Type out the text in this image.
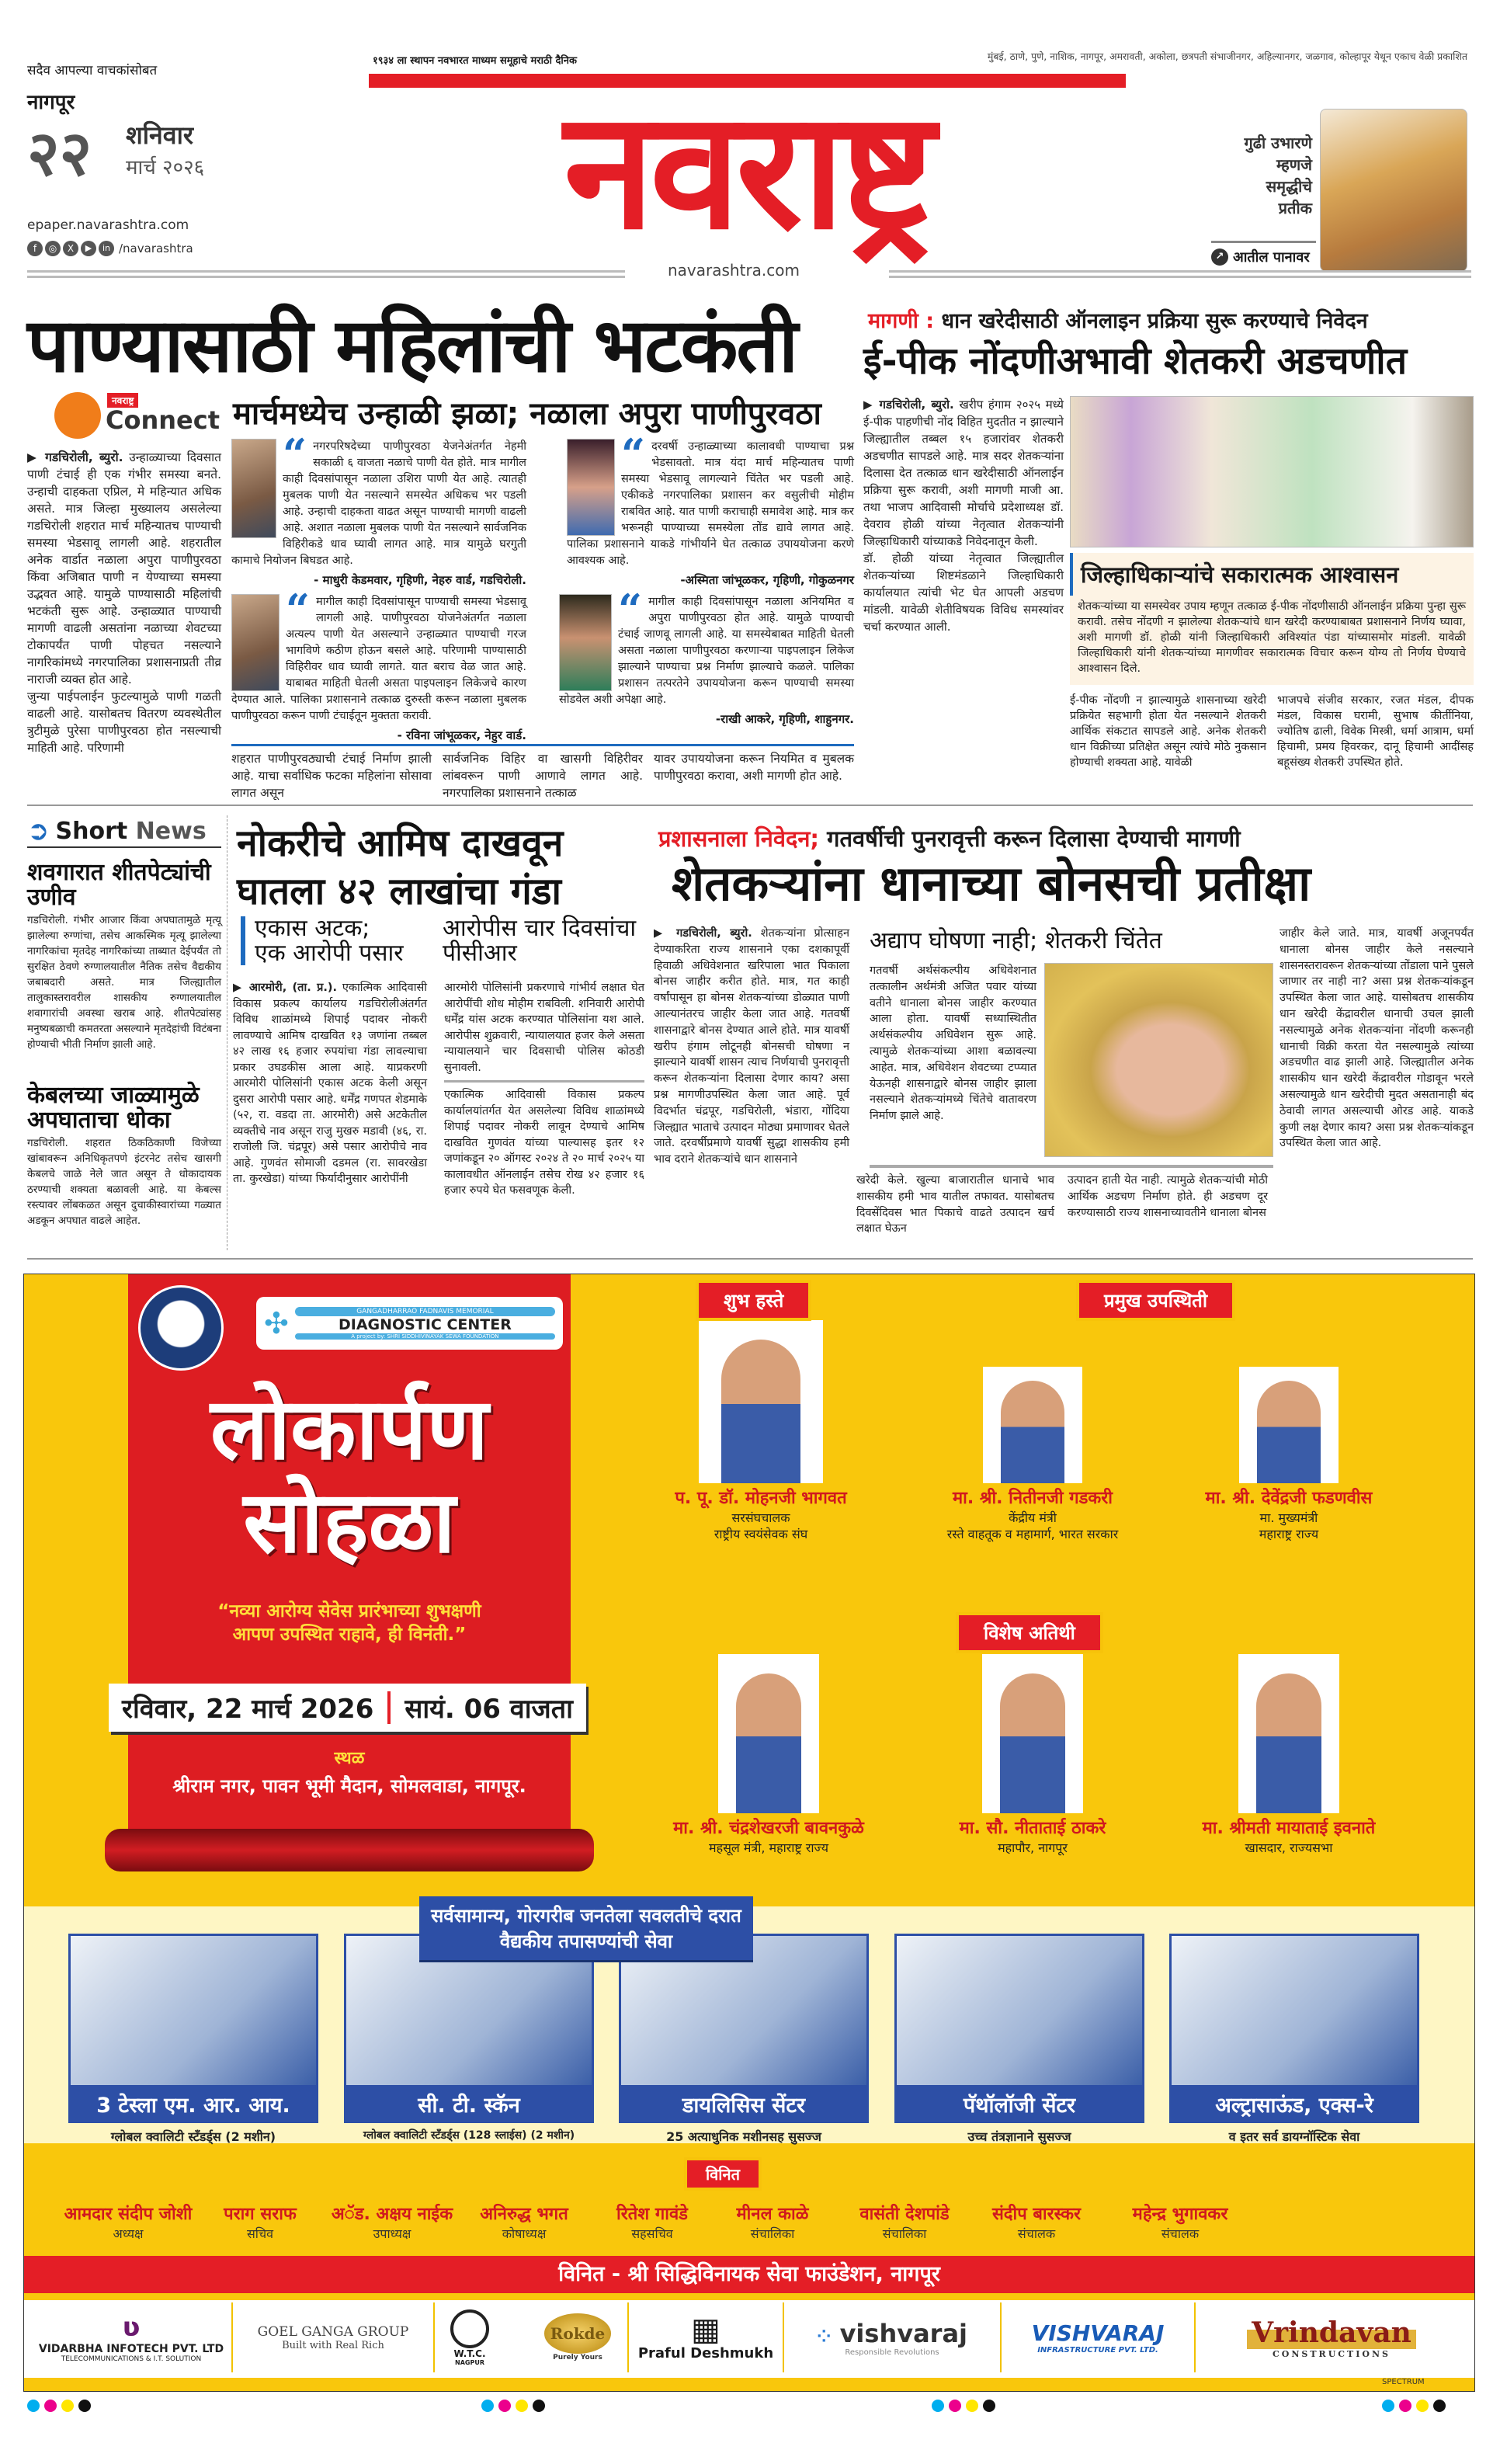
सदैव आपल्या वाचकांसोबत
नागपूर
२२ शनिवार
मार्च २०२६
epaper.navarashtra.com
f	◎	X	▶	in /navarashtra
१९३४ ला स्थापन नवभारत माध्यम समूहाचे मराठी दैनिक	मुंबई, ठाणे, पुणे, नाशिक, नागपूर, अमरावती, अकोला, छत्रपती संभाजीनगर, अहिल्यानगर, जळगाव, कोल्हापूर येथून एकाच वेळी प्रकाशित
नवराष्ट्र
navarashtra.com
गुढी उभारणे
म्हणजे
समृद्धीचे
प्रतीक
↗ आतील पानावर
पाण्यासाठी महिलांची भटकंती
नवराष्ट्र
Connect मार्चमध्येच उन्हाळी झळा; नळाला अपुरा पाणीपुरवठा
▶ गडचिरोली, ब्युरो. उन्हाळ्याच्या दिवसात पाणी टंचाई ही एक गंभीर समस्या बनते. उन्हाची दाहकता एप्रिल, मे महिन्यात अधिक असते. मात्र जिल्हा मुख्यालय असलेल्या गडचिरोली शहरात मार्च महिन्यातच पाण्याची समस्या भेडसावू लागली आहे. शहरातील अनेक वार्डात नळाला अपुरा पाणीपुरवठा किंवा अजिबात पाणी न येण्याच्या समस्या उद्भवत आहे. यामुळे पाण्यासाठी महिलांची भटकंती सुरू आहे. उन्हाळ्यात पाण्याची मागणी वाढली असतांना नळाच्या शेवटच्या टोकापर्यंत पाणी पोहचत नसल्याने नागरिकांमध्ये नगरपालिका प्रशासनाप्रती तीव्र नाराजी व्यक्त होत आहे.
जुन्या पाईपलाईन फुटल्यामुळे पाणी गळती वाढली आहे. यासोबतच वितरण व्यवस्थेतील त्रुटीमुळे पुरेसा पाणीपुरवठा होत नसल्याची माहिती आहे. परिणामी
“ नगरपरिषदेच्या पाणीपुरवठा येजनेअंतर्गत नेहमी सकाळी ६ वाजता नळाचे पाणी येत होते. मात्र मागील काही दिवसांपासून नळाला उशिरा पाणी येत आहे. त्यातही मुबलक पाणी येत नसल्याने समस्येत अधिकच भर पडली आहे. उन्हाची दाहकता वाढत असून पाण्याची मागणी वाढली आहे. अशात नळाला मुबलक पाणी येत नसल्याने सार्वजनिक विहिरीकडे धाव घ्यावी लागत आहे. मात्र यामुळे घरगुती कामाचे नियोजन बिघडत आहे.
- माधुरी केडमवार, गृहिणी, नेहरु वार्ड, गडचिरोली.
“ दरवर्षी उन्हाळ्याच्या कालावधी पाण्याचा प्रश्न भेडसावतो. मात्र यंदा मार्च महिन्यातच पाणी समस्या भेडसावू लागल्याने चिंतेत भर पडली आहे. एकीकडे नगरपालिका प्रशासन कर वसुलीची मोहीम राबवित आहे. यात पाणी कराचाही समावेश आहे. मात्र कर भरूनही पाण्याच्या समस्येला तोंड द्यावे लागत आहे. पालिका प्रशासनाने याकडे गांभीर्याने घेत तत्काळ उपाययोजना करणे आवश्यक आहे.
-अस्मिता जांभूळकर, गृहिणी, गोकुळनगर
“ मागील काही दिवसांपासून पाण्याची समस्या भेडसावू लागली आहे. पाणीपुरवठा योजनेअंतर्गत नळाला अत्यल्प पाणी येत असल्याने उन्हाळ्यात पाण्याची गरज भागविणे कठीण होऊन बसले आहे. परिणामी पाण्यासाठी विहिरीवर धाव घ्यावी लागते. यात बराच वेळ जात आहे. याबाबत माहिती घेतली असता पाइपलाइन लिकेजचे कारण देण्यात आले. पालिका प्रशासनाने तत्काळ दुरुस्ती करून नळाला मुबलक पाणीपुरवठा करून पाणी टंचाईतून मुक्तता करावी.
- रविना जांभूळकर, नेहुर वार्ड.
“ मागील काही दिवसांपासून नळाला अनियमित व अपुरा पाणीपुरवठा होत आहे. यामुळे पाण्याची टंचाई जाणवू लागली आहे. या समस्येबाबत माहिती घेतली असता नळाला पाणीपुरवठा करणाऱ्या पाइपलाइन लिकेज झाल्याने पाण्याचा प्रश्न निर्माण झाल्याचे कळले. पालिका प्रशासन तत्परतेने उपाययोजना करून पाण्याची समस्या सोडवेल अशी अपेक्षा आहे.
-राखी आकरे, गृहिणी, शाहुनगर.
शहरात पाणीपुरवठ्याची टंचाई निर्माण झाली आहे. याचा सर्वाधिक फटका महिलांना सोसावा लागत असून
सार्वजनिक विहिर वा खासगी विहिरीवर लांबवरून पाणी आणावे लागत आहे. नगरपालिका प्रशासनाने तत्काळ
यावर उपाययोजना करून नियमित व मुबलक पाणीपुरवठा करावा, अशी मागणी होत आहे.
मागणी : धान खरेदीसाठी ऑनलाइन प्रक्रिया सुरू करण्याचे निवेदन
ई-पीक नोंदणीअभावी शेतकरी अडचणीत
▶ गडचिरोली, ब्युरो. खरीप हंगाम २०२५ मध्ये ई-पीक पाहणीची नोंद विहित मुदतीत न झाल्याने जिल्ह्यातील तब्बल १५ हजारांवर शेतकरी अडचणीत सापडले आहे. मात्र सदर शेतकऱ्यांना दिलासा देत तत्काळ धान खरेदीसाठी ऑनलाईन प्रक्रिया सुरू करावी, अशी मागणी माजी आ. तथा भाजप आदिवासी मोर्चाचे प्रदेशाध्यक्ष डॉ. देवराव होळी यांच्या नेतृत्वात शेतकऱ्यांनी जिल्हाधिकारी यांच्याकडे निवेदनातून केली.
डॉ. होळी यांच्या नेतृत्वात जिल्ह्यातील शेतकऱ्यांच्या शिष्टमंडळाने जिल्हाधिकारी कार्यालयात त्यांची भेट घेत आपली अडचण मांडली. यावेळी शेतीविषयक विविध समस्यांवर चर्चा करण्यात आली.
जिल्हाधिकाऱ्यांचे सकारात्मक आश्वासन
शेतकऱ्यांच्या या समस्येवर उपाय म्हणून तत्काळ ई-पीक नोंदणीसाठी ऑनलाईन प्रक्रिया पुन्हा सुरू करावी. तसेच नोंदणी न झालेल्या शेतकऱ्यांचे धान खरेदी करण्याबाबत प्रशासनाने निर्णय घ्यावा, अशी मागणी डॉ. होळी यांनी जिल्हाधिकारी अविश्यांत पंडा यांच्यासमोर मांडली. यावेळी जिल्हाधिकारी यांनी शेतकऱ्यांच्या मागणीवर सकारात्मक विचार करून योग्य तो निर्णय घेण्याचे आश्वासन दिले.
ई-पीक नोंदणी न झाल्यामुळे शासनाच्या खरेदी प्रक्रियेत सहभागी होता येत नसल्याने शेतकरी आर्थिक संकटात सापडले आहे. अनेक शेतकरी धान विक्रीच्या प्रतिक्षेत असून त्यांचे मोठे नुकसान होण्याची शक्यता आहे. यावेळी
भाजपचे संजीव सरकार, रजत मंडल, दीपक मंडल, विकास घरामी, सुभाष कीर्तीनिया, ज्योतिष ढाली, विवेक मिस्त्री, धर्मा आत्राम, धर्मा हिचामी, प्रमय हिवरकर, दानू हिचामी आदींसह बहूसंख्य शेतकरी उपस्थित होते.
➲ Short News
शवगारात शीतपेट्यांची उणीव
गडचिरोली. गंभीर आजार किंवा अपघातामुळे मृत्यू झालेल्या रुग्णांचा, तसेच आकस्मिक मृत्यू झालेल्या नागरिकांचा मृतदेह नागरिकांच्या ताब्यात देईपर्यंत तो सुरक्षित ठेवणे रुग्णालयातील नैतिक तसेच वैद्यकीय जबाबदारी असते. मात्र जिल्ह्यातील तालुकास्तरावरील शासकीय रुग्णालयातील शवागारांची अवस्था खराब आहे. शीतपेट्यांसह मनुष्यबळाची कमतरता असल्याने मृतदेहांची विटंबना होण्याची भीती निर्माण झाली आहे.
केबलच्या जाळ्यामुळे अपघाताचा धोका
गडचिरोली. शहरात ठिकठिकाणी विजेच्या खांबावरून अनिधिकृतपणे इंटरनेट तसेच खासगी केबलचे जाळे नेले जात असून ते धोकादायक ठरण्याची शक्यता बळावली आहे. या केबल्स रस्त्यावर लोंबकळत असून दुचाकीस्वारांच्या गळ्यात अडकून अपघात वाढले आहेत.
नोकरीचे आमिष दाखवून घातला ४२ लाखांचा गंडा
एकास अटक; एक आरोपी पसार
आरोपीस चार दिवसांचा पीसीआर
▶ आरमोरी, (ता. प्र.). एकात्मिक आदिवासी विकास प्रकल्प कार्यालय गडचिरोलीअंतर्गत विविध शाळांमध्ये शिपाई पदावर नोकरी लावण्याचे आमिष दाखवित १३ जणांना तब्बल ४२ लाख १६ हजार रुपयांचा गंडा लावल्याचा प्रकार उघडकीस आला आहे. याप्रकरणी आरमोरी पोलिसांनी एकास अटक केली असून दुसरा आरोपी पसार आहे. धर्मेंद्र गणपत शेडमाके (५२, रा. वडदा ता. आरमोरी) असे अटकेतील व्यक्तीचे नाव असून राजु मुखरु मडावी (४६, रा. राजोली जि. चंद्रपूर) असे पसार आरोपीचे नाव आहे. गुणवंत सोमाजी दडमल (रा. सावरखेडा ता. कुरखेडा) यांच्या फिर्यादीनुसार आरोपींनी
आरमोरी पोलिसांनी प्रकरणाचे गांभीर्य लक्षात घेत आरोपींची शोध मोहीम राबविली. शनिवारी आरोपी धर्मेंद्र यांस अटक करण्यात पोलिसांना यश आले. आरोपीस शुक्रवारी, न्यायालयात हजर केले असता न्यायालयाने चार दिवसाची पोलिस कोठडी सुनावली.
एकात्मिक आदिवासी विकास प्रकल्प कार्यालयांतर्गत येत असलेल्या विविध शाळांमध्ये शिपाई पदावर नोकरी लावून देण्याचे आमिष दाखवित गुणवंत यांच्या पाल्यासह इतर १२ जणांकडून २० ऑगस्ट २०२४ ते २० मार्च २०२५ या कालावधीत ऑनलाईन तसेच रोख ४२ हजार १६ हजार रुपये घेत फसवणूक केली.
प्रशासनाला निवेदन; गतवर्षीची पुनरावृत्ती करून दिलासा देण्याची मागणी
शेतकऱ्यांना धानाच्या बोनसची प्रतीक्षा
▶ गडचिरोली, ब्युरो. शेतकऱ्यांना प्रोत्साहन देण्याकरिता राज्य शासनाने एका दशकापूर्वी हिवाळी अधिवेशनात खरिपाला भात पिकाला बोनस जाहीर करीत होते. मात्र, गत काही वर्षांपासून हा बोनस शेतकऱ्यांच्या डोळ्यात पाणी आल्यानंतरच जाहीर केला जात आहे. गतवर्षी शासनाद्वारे बोनस देण्यात आले होते. मात्र यावर्षी खरीप हंगाम लोटूनही बोनसची घोषणा न झाल्याने यावर्षी शासन त्याच निर्णयाची पुनरावृत्ती करून शेतकऱ्यांना दिलासा देणार काय? असा प्रश्न मागणीउपस्थित केला जात आहे. पूर्व विदर्भात चंद्रपूर, गडचिरोली, भंडारा, गोंदिया जिल्ह्यात भाताचे उत्पादन मोठ्या प्रमाणावर घेतले जाते. दरवर्षीप्रमाणे यावर्षी सुद्धा शासकीय हमी भाव दराने शेतकऱ्यांचे धान शासनाने
अद्याप घोषणा नाही; शेतकरी चिंतेत
गतवर्षी अर्थसंकल्पीय अधिवेशनात तत्कालीन अर्थमंत्री अजित पवार यांच्या वतीने धानाला बोनस जाहीर करण्यात आला होता. यावर्षी सध्यास्थितीत अर्थसंकल्पीय अधिवेशन सुरू आहे. त्यामुळे शेतकऱ्यांच्या आशा बळावल्या आहेत. मात्र, अधिवेशन शेवटच्या टप्प्यात येऊनही शासनाद्वारे बोनस जाहीर झाला नसल्याने शेतकऱ्यांमध्ये चिंतेचे वातावरण निर्माण झाले आहे.
खरेदी केले. खुल्या बाजारातील धानाचे भाव शासकीय हमी भाव यातील तफावत. यासोबतच दिवसेंदिवस भात पिकाचे वाढते उत्पादन खर्च लक्षात घेऊन
उत्पादन हाती येत नाही. त्यामुळे शेतकऱ्यांची मोठी आर्थिक अडचण निर्माण होते. ही अडचण दूर करण्यासाठी राज्य शासनाच्यावतीने धानाला बोनस
जाहीर केले जाते. मात्र, यावर्षी अजूनपर्यंत धानाला बोनस जाहीर केले नसल्याने शासनस्तरावरून शेतकऱ्यांच्या तोंडाला पाने पुसले जाणार तर नाही ना? असा प्रश्न शेतकऱ्यांकडून उपस्थित केला जात आहे. यासोबतच शासकीय धान खरेदी केंद्रावरील धानाची उचल झाली नसल्यामुळे अनेक शेतकऱ्यांना नोंदणी करूनही धानाची विक्री करता येत नसल्यामुळे त्यांच्या अडचणीत वाढ झाली आहे. जिल्ह्यातील अनेक शासकीय धान खरेदी केंद्रावरील गोडावून भरले असल्यामुळे धान खरेदीची मुदत असतानाही बंद ठेवावी लागत असल्याची ओरड आहे. याकडे कुणी लक्ष देणार काय? असा प्रश्न शेतकऱ्यांकडून उपस्थित केला जात आहे.
✣	GANGADHARRAO FADNAVIS MEMORIAL
DIAGNOSTIC CENTER
A project by: SHRI SIDDHIVINAYAK SEWA FOUNDATION
लोकार्पण
सोहळा
“नव्या आरोग्य सेवेस प्रारंभाच्या शुभक्षणी
आपण उपस्थित राहावे, ही विनंती.”
रविवार, 22 मार्च 2026 सायं. 06 वाजता
स्थळ
श्रीराम नगर, पावन भूमी मैदान, सोमलवाडा, नागपूर.
प. पू. डॉ. मोहनजी भागवत
सरसंघचालक
राष्ट्रीय स्वयंसेवक संघ
मा. श्री. नितीनजी गडकरी
केंद्रीय मंत्री
रस्ते वाहतूक व महामार्ग, भारत सरकार
मा. श्री. देवेंद्रजी फडणवीस
मा. मुख्यमंत्री
महाराष्ट्र राज्य
मा. श्री. चंद्रशेखरजी बावनकुळे
महसूल मंत्री, महाराष्ट्र राज्य
मा. सौ. नीताताई ठाकरे
महापौर, नागपूर
मा. श्रीमती मायाताई इवनाते
खासदार, राज्यसभा
शुभ हस्ते	प्रमुख उपस्थिती
विशेष अतिथी
सर्वसामान्य, गोरगरीब जनतेला सवलतीचे दरात वैद्यकीय तपासण्यांची सेवा
3 टेस्ला एम. आर. आय.
ग्लोबल क्वालिटी स्टँडर्ड्स (2 मशीन)
सी. टी. स्कॅन
ग्लोबल क्वालिटी स्टँडर्ड्स (128 स्लाईस) (2 मशीन)
डायलिसिस सेंटर
25 अत्याधुनिक मशीनसह सुसज्ज
पॅथॉलॉजी सेंटर
उच्च तंत्रज्ञानाने सुसज्ज
अल्ट्रासाऊंड, एक्स-रे
व इतर सर्व डायग्नॉस्टिक सेवा
विनित
आमदार संदीप जोशी
अध्यक्ष
पराग सराफ
सचिव
अॅड. अक्षय नाईक
उपाध्यक्ष
अनिरुद्ध भगत
कोषाध्यक्ष
रितेश गावंडे
सहसचिव
मीनल काळे
संचालिका
वासंती देशपांडे
संचालिका
संदीप बारस्कर
संचालक
महेन्द्र भुगावकर
संचालक
विनित - श्री सिद्धिविनायक सेवा फाउंडेशन, नागपूर
ʋ
VIDARBHA INFOTECH PVT. LTD
TELECOMMUNICATIONS & I.T. SOLUTION
GOEL GANGA GROUP
Built with Real Rich
W.T.C.
NAGPUR
Rokde
Purely Yours
▦
Praful Deshmukh
⁘ vishvaraj
Responsible Revolutions
VISHVARAJ
INFRASTRUCTURE PVT. LTD.
Vrindavan
CONSTRUCTIONS
SPECTRUM
